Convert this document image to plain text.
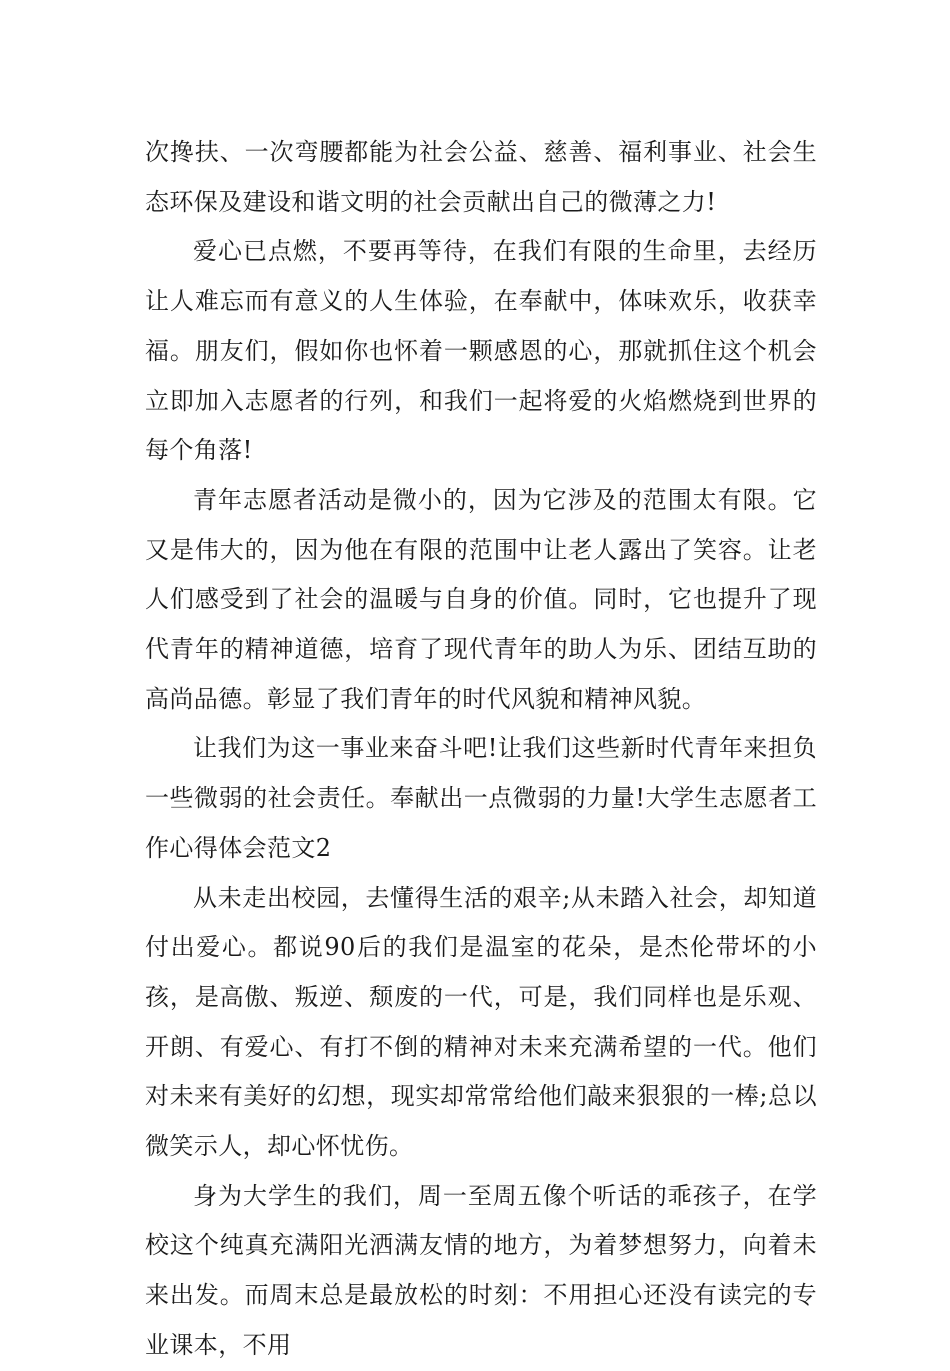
次搀扶、一次弯腰都能为社会公益、慈善、福利事业、社会生态环保及建设和谐文明的社会贡献出自己的微薄之力!

爱心已点燃，不要再等待，在我们有限的生命里，去经历让人难忘而有意义的人生体验，在奉献中，体味欢乐，收获幸福。朋友们，假如你也怀着一颗感恩的心，那就抓住这个机会立即加入志愿者的行列，和我们一起将爱的火焰燃烧到世界的每个角落!

青年志愿者活动是微小的，因为它涉及的范围太有限。它又是伟大的，因为他在有限的范围中让老人露出了笑容。让老人们感受到了社会的温暖与自身的价值。同时，它也提升了现代青年的精神道德，培育了现代青年的助人为乐、团结互助的高尚品德。彰显了我们青年的时代风貌和精神风貌。

让我们为这一事业来奋斗吧!让我们这些新时代青年来担负一些微弱的社会责任。奉献出一点微弱的力量!大学生志愿者工作心得体会范文2

从未走出校园，去懂得生活的艰辛;从未踏入社会，却知道付出爱心。都说90后的我们是温室的花朵，是杰伦带坏的小孩，是高傲、叛逆、颓废的一代，可是，我们同样也是乐观、开朗、有爱心、有打不倒的精神对未来充满希望的一代。他们对未来有美好的幻想，现实却常常给他们敲来狠狠的一棒;总以微笑示人，却心怀忧伤。

身为大学生的我们，周一至周五像个听话的乖孩子，在学校这个纯真充满阳光洒满友情的地方，为着梦想努力，向着未来出发。而周末总是最放松的时刻：不用担心还没有读完的专业课本，不用
